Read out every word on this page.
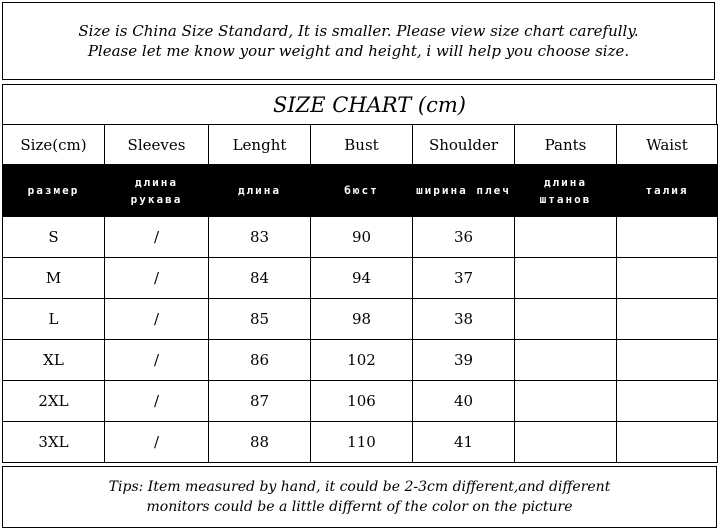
Size is China Size Standard, It is smaller. Please view size chart carefully.
Please let me know your weight and height, i will help you choose size.
SIZE CHART (cm)
Size(cm)	Sleeves	Lenght	Bust	Shoulder	Pants	Waist
размер	длина рукава	длина	бюст	ширина плеч	длина штанов	талия
S	/	83	90	36		
M	/	84	94	37		
L	/	85	98	38		
XL	/	86	102	39		
2XL	/	87	106	40		
3XL	/	88	110	41		
Tips: Item measured by hand, it could be 2-3cm different,and different
monitors could be a little differnt of the color on the picture
